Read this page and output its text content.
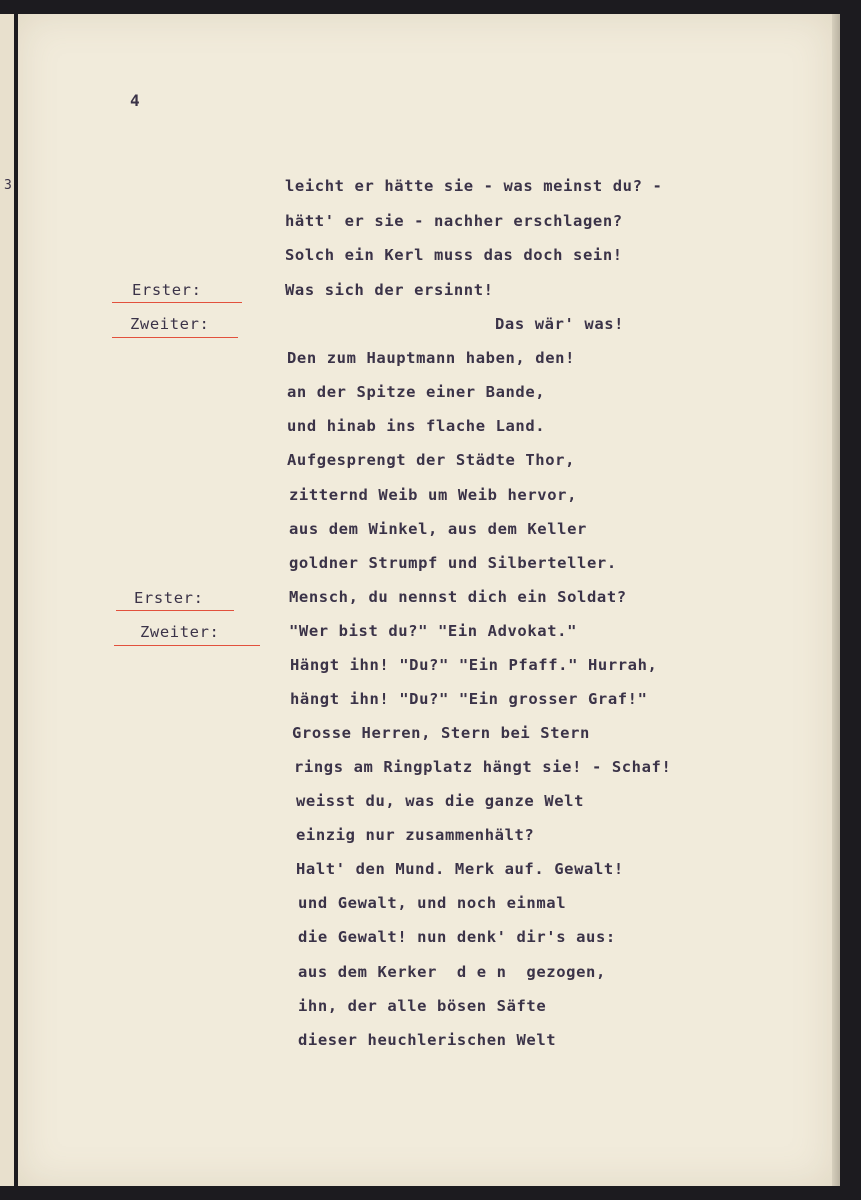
3
4
Erster:
Zweiter:
Erster:
Zweiter:
leicht er hätte sie - was meinst du? -
hätt' er sie - nachher erschlagen?
Solch ein Kerl muss das doch sein!
Was sich der ersinnt!
Das wär' was!
Den zum Hauptmann haben, den!
an der Spitze einer Bande,
und hinab ins flache Land.
Aufgesprengt der Städte Thor,
zitternd Weib um Weib hervor,
aus dem Winkel, aus dem Keller
goldner Strumpf und Silberteller.
Mensch, du nennst dich ein Soldat?
"Wer bist du?" "Ein Advokat."
Hängt ihn! "Du?" "Ein Pfaff." Hurrah,
hängt ihn! "Du?" "Ein grosser Graf!"
Grosse Herren, Stern bei Stern
rings am Ringplatz hängt sie! - Schaf!
weisst du, was die ganze Welt
einzig nur zusammenhält?
Halt' den Mund. Merk auf. Gewalt!
und Gewalt, und noch einmal
die Gewalt! nun denk' dir's aus:
aus dem Kerker  d e n  gezogen,
ihn, der alle bösen Säfte
dieser heuchlerischen Welt
